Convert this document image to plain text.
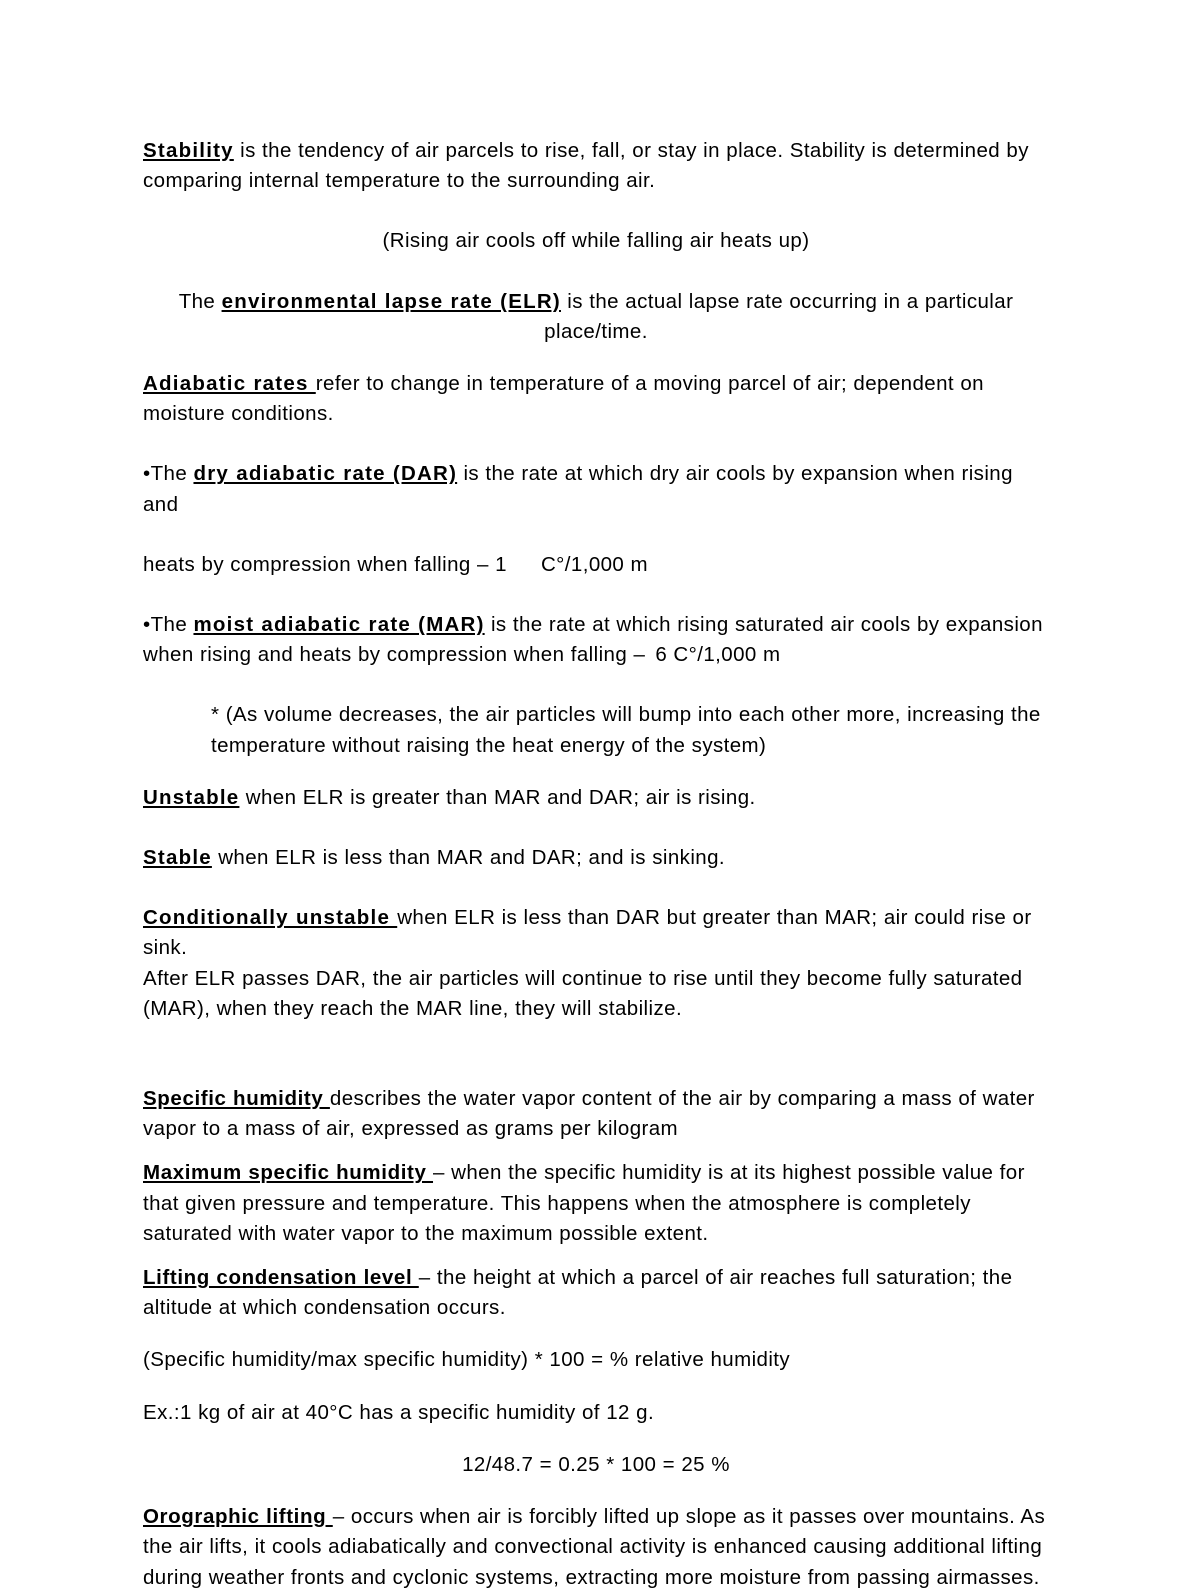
Stability is the tendency of air parcels to rise, fall, or stay in place. Stability is determined by comparing internal temperature to the surrounding air.

(Rising air cools off while falling air heats up)

The environmental lapse rate (ELR) is the actual lapse rate occurring in a particular place/time.

Adiabatic rates refer to change in temperature of a moving parcel of air; dependent on moisture conditions.

•The dry adiabatic rate (DAR) is the rate at which dry air cools by expansion when rising and

heats by compression when falling – 1 C°/1,000 m

•The moist adiabatic rate (MAR) is the rate at which rising saturated air cools by expansion

when rising and heats by compression when falling – 6 C°/1,000 m

* (As volume decreases, the air particles will bump into each other more, increasing the temperature without raising the heat energy of the system)

Unstable when ELR is greater than MAR and DAR; air is rising.

Stable when ELR is less than MAR and DAR; and is sinking.

Conditionally unstable when ELR is less than DAR but greater than MAR; air could rise or sink.

After ELR passes DAR, the air particles will continue to rise until they become fully saturated (MAR), when they reach the MAR line, they will stabilize.

Specific humidity describes the water vapor content of the air by comparing a mass of water vapor to a mass of air, expressed as grams per kilogram

Maximum specific humidity – when the specific humidity is at its highest possible value for that given pressure and temperature. This happens when the atmosphere is completely saturated with water vapor to the maximum possible extent.

Lifting condensation level – the height at which a parcel of air reaches full saturation; the altitude at which condensation occurs.

(Specific humidity/max specific humidity) * 100 = % relative humidity

Ex.:1 kg of air at 40°C has a specific humidity of 12 g.

12/48.7 = 0.25 * 100 = 25 %

Orographic lifting – occurs when air is forcibly lifted up slope as it passes over mountains. As the air lifts, it cools adiabatically and convectional activity is enhanced causing additional lifting during weather fronts and cyclonic systems, extracting more moisture from passing airmasses.
